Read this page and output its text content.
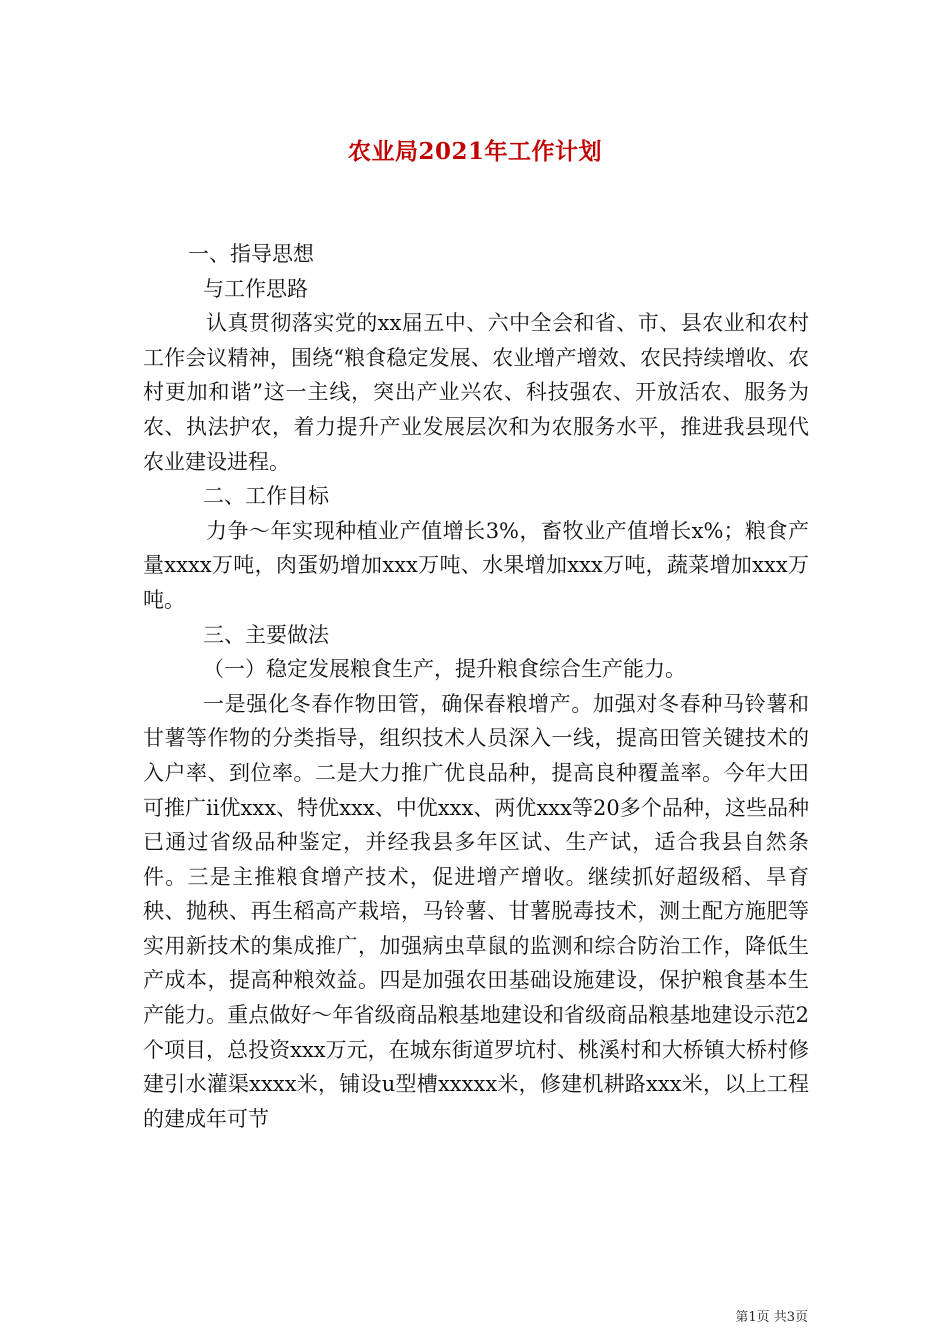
农业局2021年工作计划

一、指导思想

与工作思路

认真贯彻落实党的xx届五中、六中全会和省、市、县农业和农村工作会议精神，围绕“粮食稳定发展、农业增产增效、农民持续增收、农村更加和谐”这一主线，突出产业兴农、科技强农、开放活农、服务为农、执法护农，着力提升产业发展层次和为农服务水平，推进我县现代农业建设进程。

二、工作目标

力争～年实现种植业产值增长3%，畜牧业产值增长x%；粮食产量xxxx万吨，肉蛋奶增加xxx万吨、水果增加xxx万吨，蔬菜增加xxx万吨。

三、主要做法

（一）稳定发展粮食生产，提升粮食综合生产能力。

一是强化冬春作物田管，确保春粮增产。加强对冬春种马铃薯和甘薯等作物的分类指导，组织技术人员深入一线，提高田管关键技术的入户率、到位率。二是大力推广优良品种，提高良种覆盖率。今年大田可推广ii优xxx、特优xxx、中优xxx、两优xxx等20多个品种，这些品种已通过省级品种鉴定，并经我县多年区试、生产试，适合我县自然条件。三是主推粮食增产技术，促进增产增收。继续抓好超级稻、旱育秧、抛秧、再生稻高产栽培，马铃薯、甘薯脱毒技术，测土配方施肥等实用新技术的集成推广，加强病虫草鼠的监测和综合防治工作，降低生产成本，提高种粮效益。四是加强农田基础设施建设，保护粮食基本生产能力。重点做好～年省级商品粮基地建设和省级商品粮基地建设示范2个项目，总投资xxx万元，在城东街道罗坑村、桃溪村和大桥镇大桥村修建引水灌渠xxxx米，铺设u型槽xxxxx米，修建机耕路xxx米，以上工程的建成年可节

第1页 共3页
